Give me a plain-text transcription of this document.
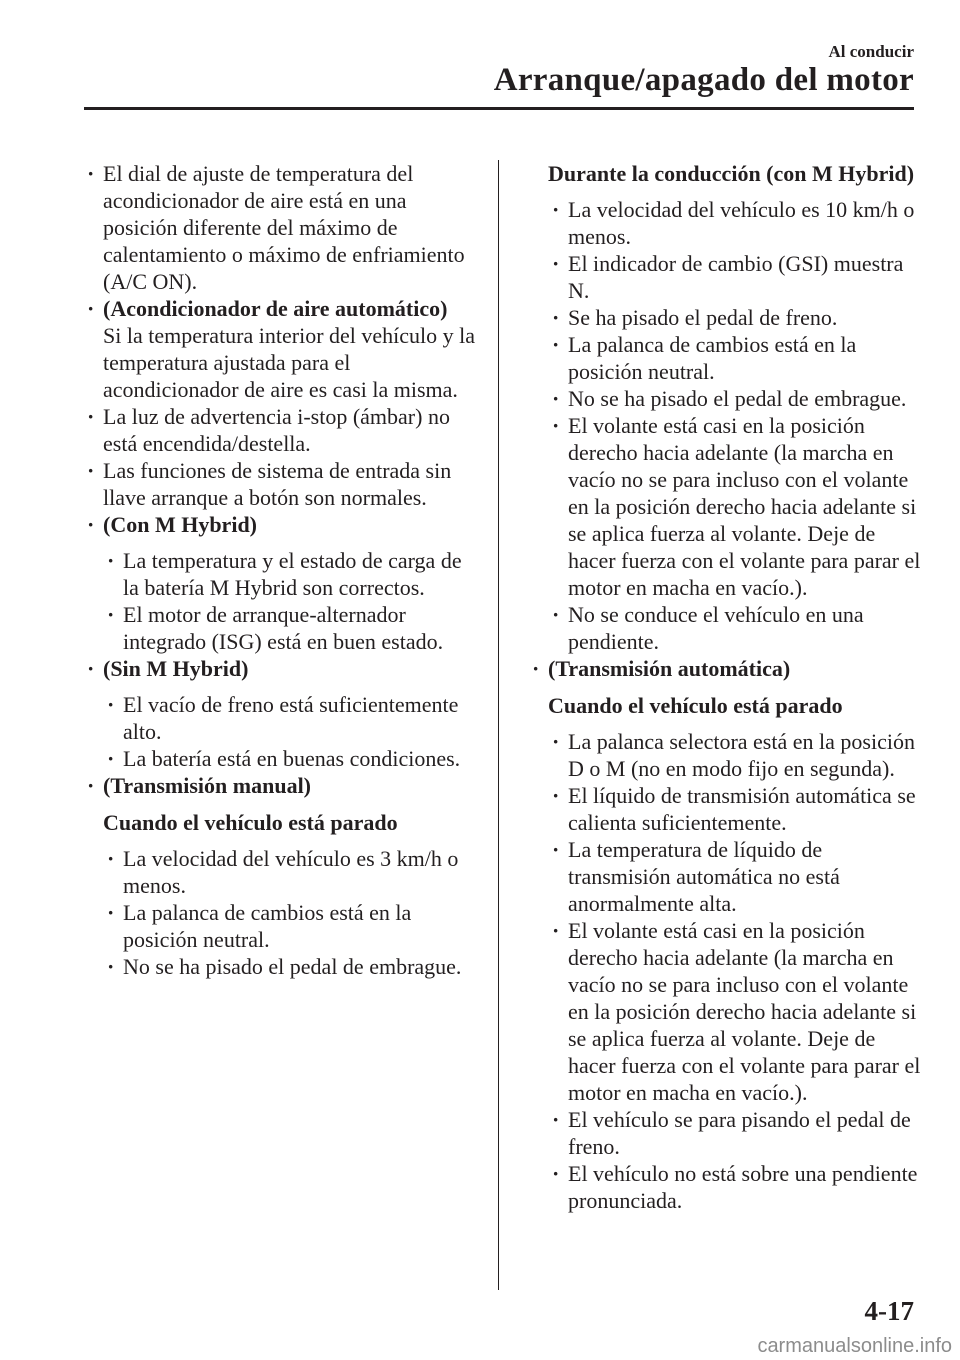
Al conducir
Arranque/apagado del motor
· El dial de ajuste de temperatura del acondicionador de aire está en una posición diferente del máximo de calentamiento o máximo de enfriamiento (A/C ON).
· (Acondicionador de aire automático)
Si la temperatura interior del vehículo y la temperatura ajustada para el acondicionador de aire es casi la misma.
· La luz de advertencia i-stop (ámbar) no está encendida/destella.
· Las funciones de sistema de entrada sin llave arranque a botón son normales.
· (Con M Hybrid)
· La temperatura y el estado de carga de la batería M Hybrid son correctos.
· El motor de arranque-alternador integrado (ISG) está en buen estado.
· (Sin M Hybrid)
· El vacío de freno está suficientemente alto.
· La batería está en buenas condiciones.
· (Transmisión manual)
Cuando el vehículo está parado
· La velocidad del vehículo es 3 km/h o menos.
· La palanca de cambios está en la posición neutral.
· No se ha pisado el pedal de embrague.
Durante la conducción (con M Hybrid)
· La velocidad del vehículo es 10 km/h o menos.
· El indicador de cambio (GSI) muestra N.
· Se ha pisado el pedal de freno.
· La palanca de cambios está en la posición neutral.
· No se ha pisado el pedal de embrague.
· El volante está casi en la posición derecho hacia adelante (la marcha en vacío no se para incluso con el volante en la posición derecho hacia adelante si se aplica fuerza al volante. Deje de hacer fuerza con el volante para parar el motor en macha en vacío.).
· No se conduce el vehículo en una pendiente.
· (Transmisión automática)
Cuando el vehículo está parado
· La palanca selectora está en la posición D o M (no en modo fijo en segunda).
· El líquido de transmisión automática se calienta suficientemente.
· La temperatura de líquido de transmisión automática no está anormalmente alta.
· El volante está casi en la posición derecho hacia adelante (la marcha en vacío no se para incluso con el volante en la posición derecho hacia adelante si se aplica fuerza al volante. Deje de hacer fuerza con el volante para parar el motor en macha en vacío.).
· El vehículo se para pisando el pedal de freno.
· El vehículo no está sobre una pendiente pronunciada.
4-17
carmanualsonline.info
